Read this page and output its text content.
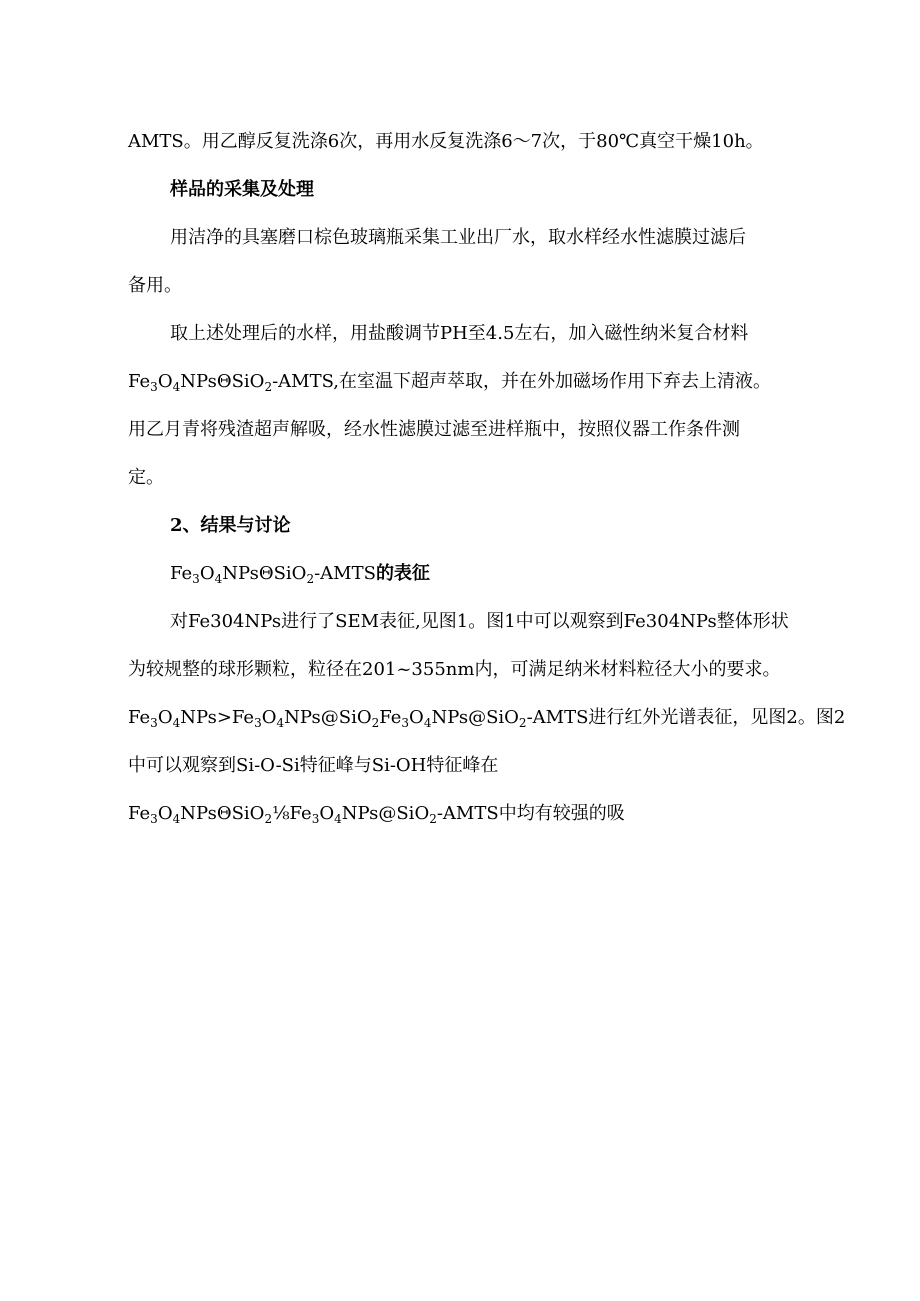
AMTS。用乙醇反复洗涤6次，再用水反复洗涤6～7次，于80℃真空干燥10h。
样品的采集及处理
用洁净的具塞磨口棕色玻璃瓶采集工业出厂水，取水样经水性滤膜过滤后
备用。
取上述处理后的水样，用盐酸调节PH至4.5左右，加入磁性纳米复合材料
$Fe_3O_4NPs\Theta SiO_2$-AMTS,在室温下超声萃取，并在外加磁场作用下弃去上清液。
用乙月青将残渣超声解吸，经水性滤膜过滤至进样瓶中，按照仪器工作条件测
定。
2、结果与讨论
$Fe_3O_4NPs\Theta SiO_2$-AMTS的表征
对Fe304NPs进行了SEM表征,见图1。图1中可以观察到Fe304NPs整体形状
为较规整的球形颗粒，粒径在201~355nm内，可满足纳米材料粒径大小的要求。
$Fe_3O_4NPs>Fe_3O_4NPs@SiO_2Fe_3O_4NPs@SiO_2$-AMTS进行红外光谱表征，见图2。图2
中可以观察到Si-O-Si特征峰与Si-OH特征峰在
$Fe_3O_4NPs\Theta SiO_2\frac{1}{8}Fe_3O_4NPs@SiO_2$-AMTS中均有较强的吸
